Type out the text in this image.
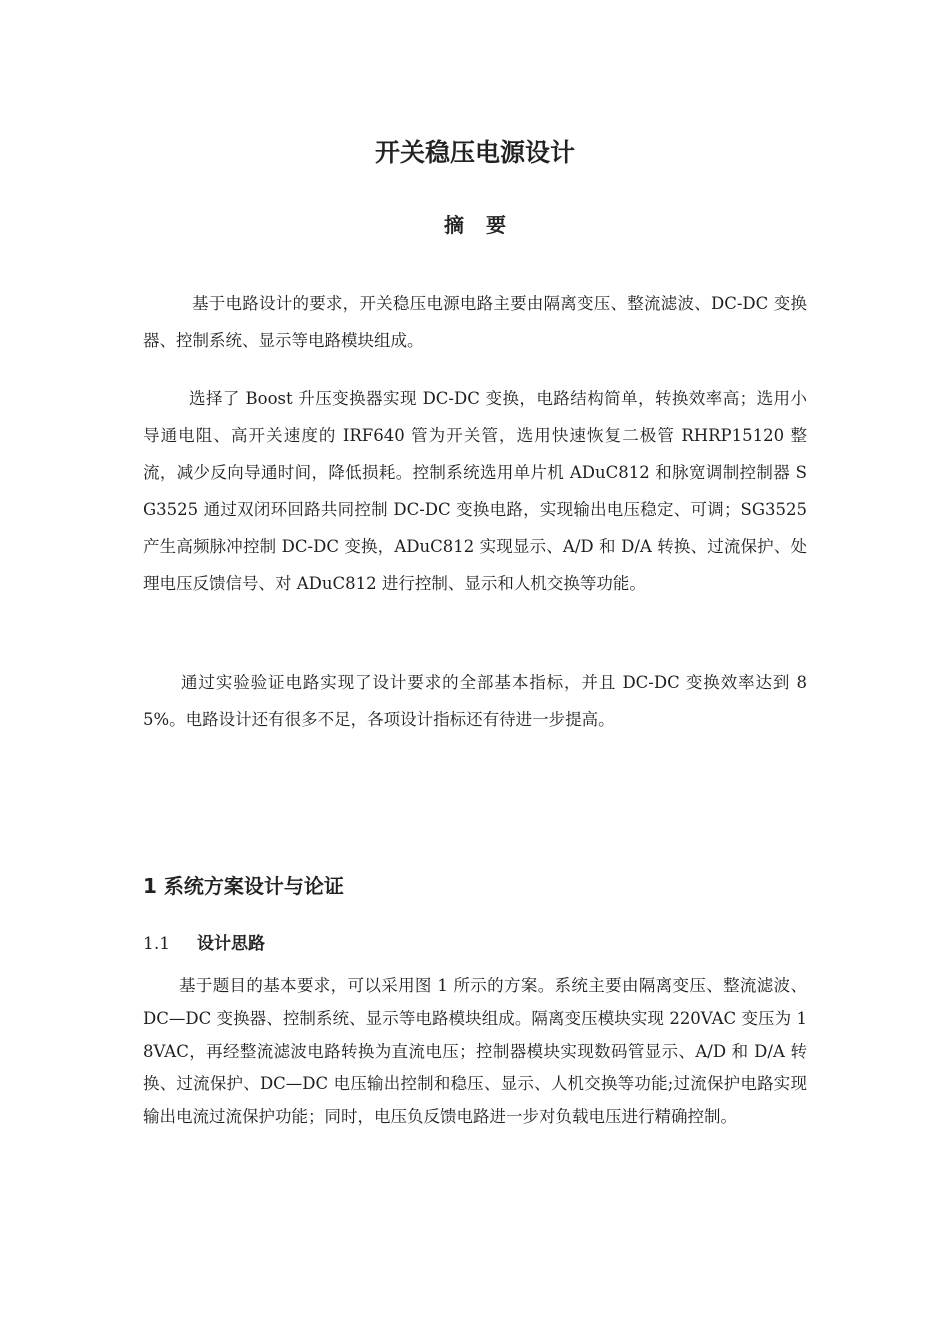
开关稳压电源设计
摘要

基于电路设计的要求，开关稳压电源电路主要由隔离变压、整流滤波、DC-DC 变换器、控制系统、显示等电路模块组成。

选择了 Boost 升压变换器实现 DC-DC 变换，电路结构简单，转换效率高；选用小导通电阻、高开关速度的 IRF640 管为开关管，选用快速恢复二极管 RHRP15120 整流，减少反向导通时间，降低损耗。控制系统选用单片机 ADuC812 和脉宽调制控制器 SG3525 通过双闭环回路共同控制 DC-DC 变换电路，实现输出电压稳定、可调；SG3525 产生高频脉冲控制 DC-DC 变换，ADuC812 实现显示、A/D 和 D/A 转换、过流保护、处理电压反馈信号、对 ADuC812 进行控制、显示和人机交换等功能。

通过实验验证电路实现了设计要求的全部基本指标，并且 DC-DC 变换效率达到 85%。电路设计还有很多不足，各项设计指标还有待进一步提高。

1 系统方案设计与论证
1.1 设计思路

基于题目的基本要求，可以采用图 1 所示的方案。系统主要由隔离变压、整流滤波、DC—DC 变换器、控制系统、显示等电路模块组成。隔离变压模块实现 220VAC 变压为 18VAC，再经整流滤波电路转换为直流电压；控制器模块实现数码管显示、A/D 和 D/A 转换、过流保护、DC—DC 电压输出控制和稳压、显示、人机交换等功能;过流保护电路实现输出电流过流保护功能；同时，电压负反馈电路进一步对负载电压进行精确控制。
